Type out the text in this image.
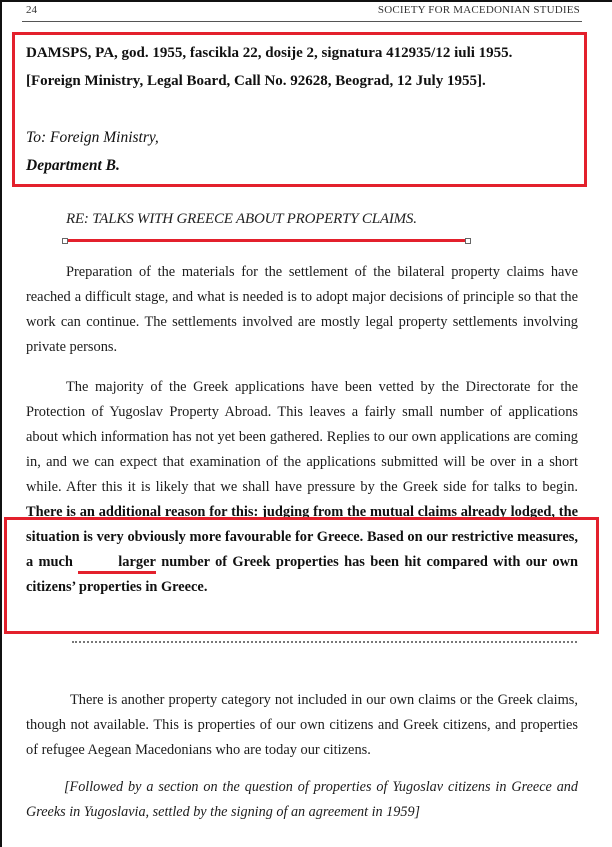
24	SOCIETY FOR MACEDONIAN STUDIES
DAMSPS, PA, god. 1955, fascikla 22, dosije 2, signatura 412935/12 iuli 1955.
[Foreign Ministry, Legal Board, Call No. 92628, Beograd, 12 July 1955].
To: Foreign Ministry,
Department B.
RE: TALKS WITH GREECE ABOUT PROPERTY CLAIMS.
Preparation of the materials for the settlement of the bilateral property claims have reached a difficult stage, and what is needed is to adopt major decisions of principle so that the work can continue. The settlements involved are mostly legal property settlements involving private persons.
The majority of the Greek applications have been vetted by the Directorate for the Protection of Yugoslav Property Abroad. This leaves a fairly small number of applications about which information has not yet been gathered. Replies to our own applications are coming in, and we can expect that examination of the applications submitted will be over in a short while. After this it is likely that we shall have pressure by the Greek side for talks to begin. There is an additional reason for this: judging from the mutual claims already lodged, the situation is very obviously more favourable for Greece. Based on our restrictive measures, a much	larger number of Greek properties has been hit compared with our own citizens’ properties in Greece.
There is another property category not included in our own claims or the Greek claims, though not available. This is properties of our own citizens and Greek citizens, and properties of refugee Aegean Macedonians who are today our citizens.
[Followed by a section on the question of properties of Yugoslav citizens in Greece and Greeks in Yugoslavia, settled by the signing of an agreement in 1959]
